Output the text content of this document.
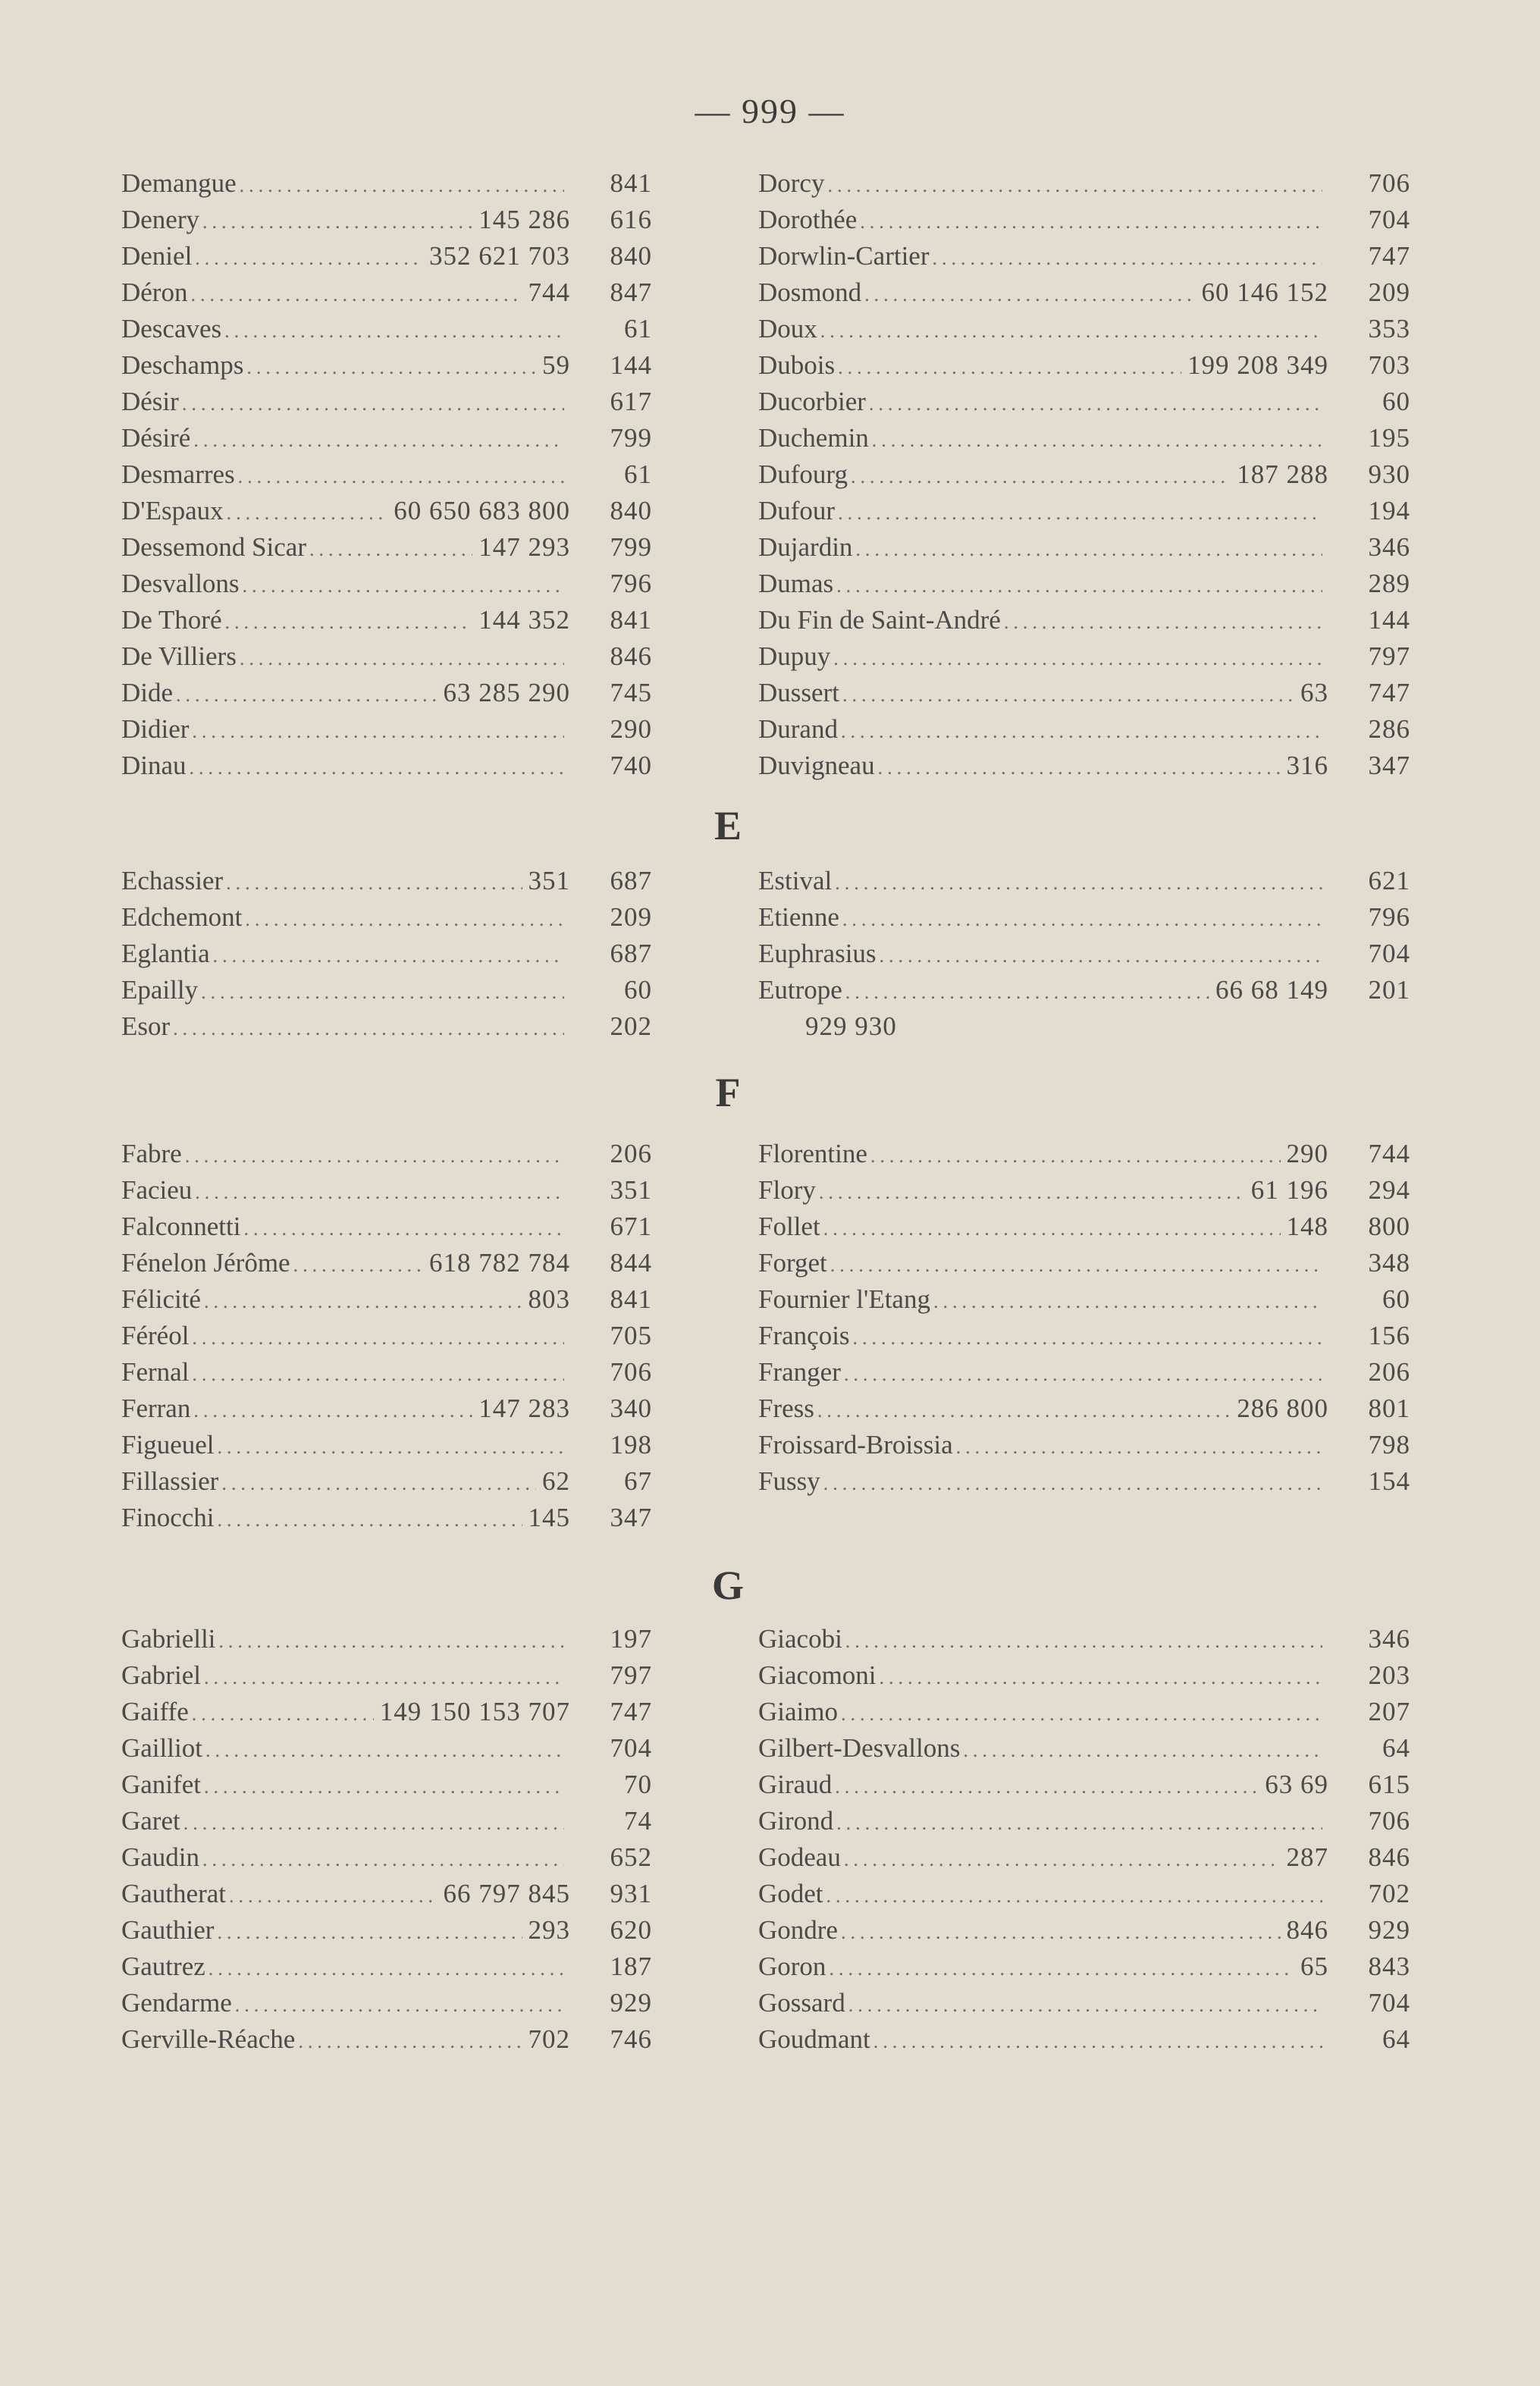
— 999 —
Demangue .....	841
Denery .....	145 286	616
Deniel .....	352 621 703	840
Déron .....	744	847
Descaves .....	61
Deschamps .....	59	144
Désir .....	617
Désiré .....	799
Desmarres .....	61
D'Espaux .....	60 650 683 800	840
Dessemond Sicar .....	147 293	799
Desvallons .....	796
De Thoré .....	144 352	841
De Villiers .....	846
Dide .....	63 285 290	745
Didier .....	290
Dinau .....	740
Dorcy .....	706
Dorothée .....	704
Dorwlin-Cartier .....	747
Dosmond .....	60 146 152	209
Doux .....	353
Dubois .....	199 208 349	703
Ducorbier .....	60
Duchemin .....	195
Dufourg .....	187 288	930
Dufour .....	194
Dujardin .....	346
Dumas .....	289
Du Fin de Saint-André .....	144
Dupuy .....	797
Dussert .....	63	747
Durand .....	286
Duvigneau .....	316	347
E
Echassier .....	351	687
Edchemont .....	209
Eglantia .....	687
Epailly .....	60
Esor .....	202
Estival .....	621
Etienne .....	796
Euphrasius .....	704
Eutrope .....	66 68 149	201
929 930
F
Fabre .....	206
Facieu .....	351
Falconnetti .....	671
Fénelon Jérôme .....	618 782 784	844
Félicité .....	803	841
Féréol .....	705
Fernal .....	706
Ferran .....	147 283	340
Figueuel .....	198
Fillassier .....	62	67
Finocchi .....	145	347
Florentine .....	290	744
Flory .....	61 196	294
Follet .....	148	800
Forget .....	348
Fournier l'Etang .....	60
François .....	156
Franger .....	206
Fress .....	286 800	801
Froissard-Broissia .....	798
Fussy .....	154
G
Gabrielli .....	197
Gabriel .....	797
Gaiffe .....	149 150 153 707	747
Gailliot .....	704
Ganifet .....	70
Garet .....	74
Gaudin .....	652
Gautherat .....	66 797 845	931
Gauthier .....	293	620
Gautrez .....	187
Gendarme .....	929
Gerville-Réache .....	702	746
Giacobi .....	346
Giacomoni .....	203
Giaimo .....	207
Gilbert-Desvallons .....	64
Giraud .....	63 69	615
Girond .....	706
Godeau .....	287	846
Godet .....	702
Gondre .....	846	929
Goron .....	65	843
Gossard .....	704
Goudmant .....	64
